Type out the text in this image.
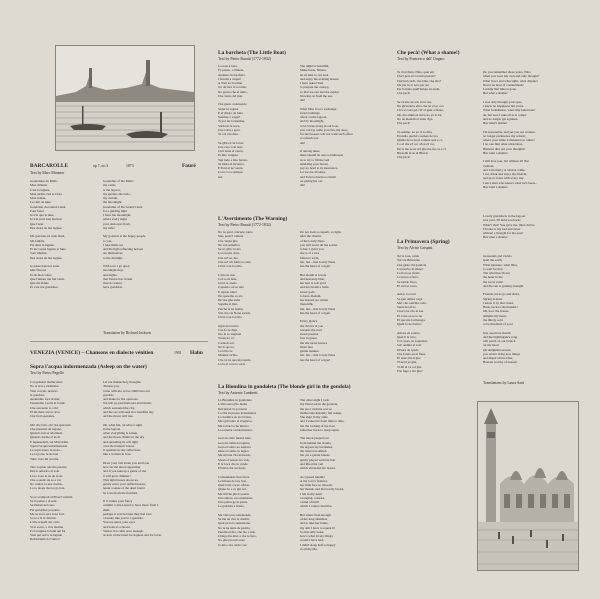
BARCAROLLE	op 7, no 3	1873	Fauré
Text by Marc Monnier
Gondoliere du Rialto
Mon château
C'est la lagune,
Mon jardin c'est le Lido.
Mon rideau,
Le clair de lune.
Gondolier du Grand-Canal,
Pour fanal
Je n'ai que la lune,
Je n'ai pour tout horizon
Que l'azur
Des cieux de ma lagune.

Ma gondole est sans fanal,
Ma fanfale
Est dans la lagune,
Et les voeux lagune et luna
Sont illumin
Des cieux de ma lagune.

Je passe dans les eaux
Mes flacons
Et de mon valeo
Que l'amour me fait venir,
Que ma fidele
Et c'est ma gondolier.
Gondolier of the Rialto
my castle
is the lagoon,
my garden, the Lido,
my curtain,
the moonlight.
Gondolier of the Grand Canal
for a guiding light
I have the moonlight,
where every night
your dark eyes flash,
my wife!

My gondola is the happy people
to you,
I take them out
and the light reflecting heaven
are themselves
to the daylight.

With love I go upon
moonlight days
and nights
that Venice has clouds
than its waters
have gondolas.
Translation by Richard Jackson
VENEZIA (VENICE) – Chansons en dialecte vénitien	1901	Hahn
Sopra l'acqua indormenzada (Asleep on the water)
Text by Pietro Pagello
Coi pensieri malinconici
No te star a tormentar
Vien con mi, decreto
la gondola,
Andaremo fora in mar.
Passaremo i porti el l'onde
Che cercando to cchi
El mi mare ancor ricco
Che fiori speranze.

Oh! che bela, oh! che speranda
Che presenta un lagone,
Quando tuti se adormeta
Quando dorme el leon!
E lepenseitoli, sei Marcaritin.
Sopra l'acqua indormenzada
Le sopra lauro in terzo...
Le la porta, la siccata
Tutto coso mi ascolta.

Talo za pian ode ma petotin
Dei to amorico al sole
La to voze la xe un stolo
Che a sentir sie se e ver
No cantar, la una dozina,
La to pioga che no ga bon.

So te scampoli ai Eiveci tomirin
Se la pense e al seni
Se l'umea nel cuor,
Fia gondolier pa patna
Me sa su la sera sona l'ori.
So te a la la diverno
L'alte scepeli dar cario
Ti te sa tre, a ti tu marma
Po la lagune la lenti nel fai
Vien per sel to la lagune
Refordanmo la l'amor!
Let not melancholy thoughts
distress you,
come with me, let us climb into our
gondola
and make for the open sea.
We will go past harbours and islands
which surround the city,
and the sea will seek in a steadfast sky
and the moon will rise.

Oh, what fun, oh what a sight
in the lagoon
when everything is asleep,
and the moon climbs in the sky
and spreading its soft light
over the tranquil waters
it sparkles in tiny reflections
like a woman in love.

Draw your veil about you and look
how far the moon appearing
and if you take up a guitar of me
it will grow dimmer!
This light breeze above us,
gently wave your ruffled tresses,
haunt a sense of the dead round
be a sea from me frazzled.

If it strikes your fancy
commit to the Lizard to have more from a
shell,
perhaps it was because they had ever
a beauty like you in a gondola.
You are quiet, your eyes
and bosh as a flower.
Venice it is calm once enough,
as now in the lunar for hapless and for lover.
La barcheta (The Little Boat)
Text by Pietro Buratti (1772-1832)
La note è bela,
Fa presto, o Nineta,
Andemo in barcheta
I freschi a ciapar!
A Toni za 'l'ordine
Gò dà fora il so ramo;
No gavea che el remo,
Che vento del mar.

Che gusto costruendo
Seder in sognar
E al chiaro de luna
Sentirse a vogar!
Ti pol far la manina,
Varda in la noca,
Che voltà a gavo
Te vol ravolare.

Se gh'è el cie la bei
Che cara vola note
Ch'è tanta el vento,
El mio vengaro
Van indo a mio furore,
Te basta el incontro,
E Toni el no' sente,
La no va a remesar
nol.
The night is beautiful,
Make haste, Nineta,
let us take to our boat
and enjoy the evening breeze.
I have asked Toni
to prepare the canopy,
so that we can feel the zephyr
blowing on from the sea.
Ah!

What bliss it is to exchange
sweet nothings
afloat on the lagoon,
and by moonlight,
to be borne along in our boat.
you can lay aside your fan, my dear,
for the breezes will not walk such office
to refresh you.
Ah!

If among these
there should be one so indiscreet
as to try to lift the veil
shielding your breast,
pay no heed to its mourance,
for we are all alone
and Toni is much too intent
on plying his oar.
Ah!
L'Avertimento (The Warning)
Text by Pietro Buratti (1772-1832)
No xe pa'el, sincerso tanto
Star, podo'l camera
Che 'Anna gha
Ne ven semetica
Se no gh'è, in ma
La ton una dona
Che sa'l se, ma
Che sa'l u'n fama ta cuda
Ch'el core la ta'ita.

L'aria se trae
Col so di bela,
Ch'el se oredo
Capando sol se tela
E rapido nina!
Da spasoma co sta
De' ma gha tema
Sopella el mar.
Perche la xe fiama,
Vui, ma cia Nona sarada
Ch'el core la ta'ita

Ogni xè ta'et ba
Côe fa ve dige,
Gia fe so stagioni
Vuole no ve'
Carnielo sa'i
Ne lo aporo,
La ta'ita ve
Momen ve'mo,
Che ve ba qua ma rapido
La fa el core la sorta.
Do not look so superb, so light,
after the charms
of the lovely Nena
you will end it all the sorrier
to her. I grant you
she is of a rare
fallen to earth,
but, but... that lovely Nena
has the heart of a tiger!

Her mouth is lovely
and heavenly blue,
her hair is soft gold
and her breath a balm
sweet gods
to bear, madam,
her breasts are whiter
than milk,
but, but... that lovely Nena
has the heart of a tiger!

Every glance
she throws at you
rewards the soul
sweet passion
free in green
but she never knows
thorn fear
gentle manner,
but, but... that lovely Nena
has the heart of a tiger!
La Biondina in gondoleta (The blonde girl in the gondola)
Text by Antonio Lamberti
La Biondina in gondoleta
L'altra sera g'ho mena
Dal piacer la povereta
La s'ha in pressa indormenza
La dormiva su sto brazzo,
Mi ogni tanto la svegiava,
Ma la barca che ninava
La tornava a indormenzar.

Gera in cielo mezza luna
Gera in calma la laguna,
Gera el vento no supiava
Onte el colmo la lagara
Ma mi'aria t'ha indorado,
Sbarà el veneto fra vali,
E la boca che tu cande
El'aleva dar un ferdo

Comandando fiera fiera
Le hirona de tan, bon,
Quel retrò coceo ofbias,
Quale bo a ce ghi vel,
Ma mi'che ghe la patria
Una amore, un ornamento,
Una patria ge la patria
La gondola a brudo,

Ma visto par, Giudeande,
Se me de vier la dormir,
Qual pa la la sensazione,
No te ha tanta de pesida,
Parolin el dio, che dio a mio
Chiego fia diter a che te furo,
No ghe pio telo zote
Je mio cuor andro vet
The other night I took
my blond out in the gondola,
the poor creature was so
thrilled she instantly fell asleep.
She slept in my arms
and I woke her from time to time,
but the rocking of the boat
lulled her back to sleep again.

The moon peeped out
from behind the clouds,
the lagoon lay becalmed,
the wind was stilled,
but yet a gentle breeze
gently played with her hair
and lifted the veil
which shrouded her breast.

As I gazed intently
at my love's features,
her little face so smooth,
her mouth, and that lovely breast,
I felt in my heart
a longing, a desire,
a kind of thrill
which I cannot describe.

But when I had enough
of her long slumbers
and to take her home,
my doll I have to repeat it!
So that silly beast,
how's what lovely things
would I have had;
I didn't sleep half so happy
in all my life.
Che pecà! (What a shame!)
Text by Francesco dall' Ongaro
Te ricordistu, Nina, quei ani
Che'l gera el vol un'a pensar?
Che'tu ricordi, che bibe, che alto?
Ma per tu te sero par su!
Per fortuna quell'tempo xe andà,
Che pecà!

Se ve'arte ne son in tu ose,
No gh'andava altra che lei el so oco
Ch'a so lasa gel cel' el guet a fisner,
Oh, me ammore mi la no ya lo lar,
No ne maledica! tanto d'ga,
Che pecà!

Ti sedimo, no po il so mia,
Econdio quel'el coomen de lao.
Quelle de te su el comere sete e ci,
Co el che e'l cor al'on e'l cor,
De te me se se vel ghe ma mo ve e ci
Bresolin le su el Bluvio
Che pecà!
Do you remember those years, Nina
when you were my own and only thought?
What bows and what sighs, what dispute!
Never an hour of contentment!
Luckily that time is gone.
But what a shame!

I was only through your eyes.
I knew no happiness but yours.
What foolishness, what silly behaviour!
ah, but now I take all as it comes
and no longer get agitated.
But what's shame!

I'm reasonable, and yet you are women.
no longer preference my reform;
where your smile it mustered so rather!
I no one find other attractions,
Humour dies not your thoughts!
But what a shame!

I still love you, but without all that
torment,
and I am merry at all that crime.
I eat, drink and enjoy my friends,
and grow fatter with every day.
I am a man who knows sober he's been...
But what a shame!
Lovely gondoliers in the lagoon
was your, I'll hold you back!
What's that? You gave me, mine did be
I'll take to my bed and never
without a thought for the past!
But what a shame!
La Primavera (Spring)
Text by Alvise Grispini
Xè la rosa, canio
Val via Brincenia
Che gaste chi gondola
L'ecessivo in mano!
La fiora se rivela
La leona a flora,
Se bendo floro,
El ciel se rosio.

Amor, la rosa!
Se gua ombra vega
Me! che cant'ma cada,
Santi nel al bo
Choca be cho el sae
El corre en te lo ne
El que ma formatega,
Quell fe de forino!

Amore en soneto,
Quel ti la ruro,
Col cuore, in sognando
Sol' ondina el son!
El'aura de spada
Che fondo en el fiane
El tanto mi al ghe
Ti ne'el ye ghe,
Ti mi el ve rol ghe
Fua fuga a dot ghe!
Grassands and violets
spell the earth,
What pleasure, what bliss,
to wait for that.
The wind has blown
the heart in me
the ice in vastrt
and the sun is gaining strength.

Friends, let us go and share,
Spring is here!
I know it by that cloud,
Hark, back to the thunder!
Oh, how the breeze
delights my heart,
the thirsty sold
to be mordited of you!

Just one more month
and the nightingale's song
will perch on our branch
on my heart
Oh delightful season,
you revive bring new things
and dispel all the bliss,
Heaven worthy of beauty!
Translations by Laura Sarti
